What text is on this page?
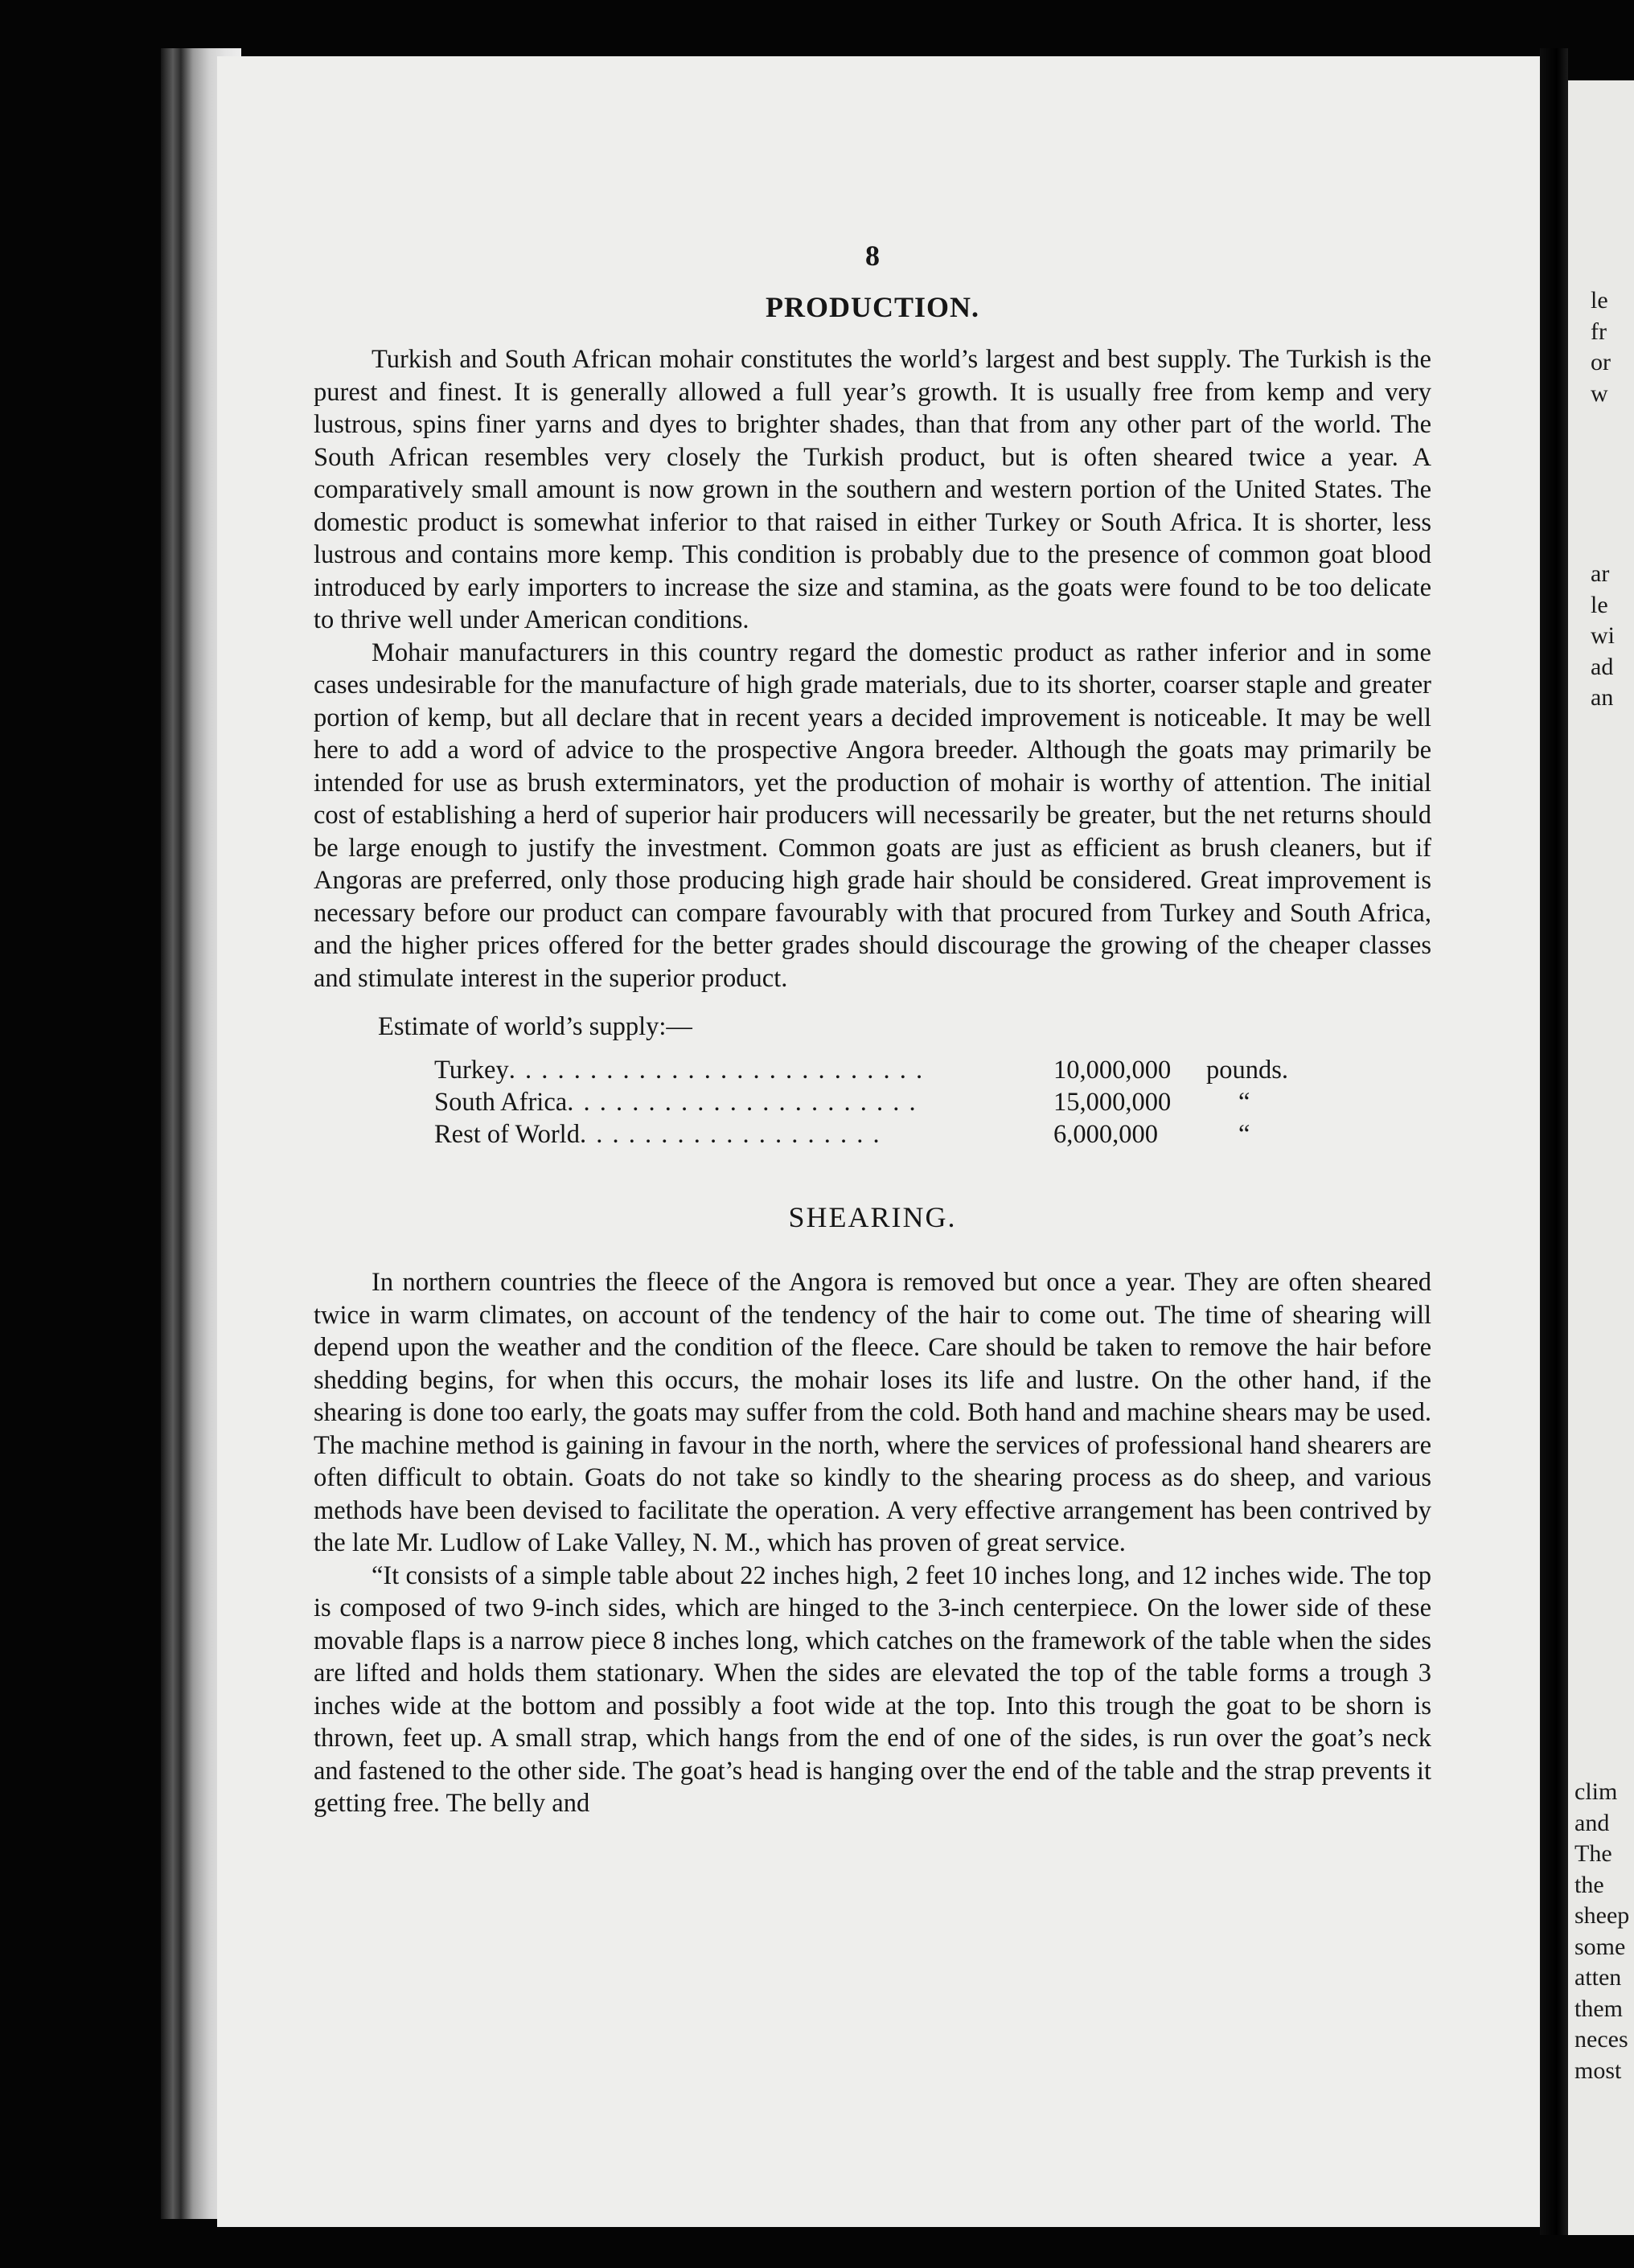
8
PRODUCTION.

Turkish and South African mohair constitutes the world’s largest and best supply. The Turkish is the purest and finest. It is generally allowed a full year’s growth. It is usually free from kemp and very lustrous, spins finer yarns and dyes to brighter shades, than that from any other part of the world. The South African resembles very closely the Turkish product, but is often sheared twice a year. A comparatively small amount is now grown in the southern and western portion of the United States. The domestic product is somewhat inferior to that raised in either Turkey or South Africa. It is shorter, less lustrous and contains more kemp. This condition is probably due to the presence of common goat blood introduced by early importers to increase the size and stamina, as the goats were found to be too delicate to thrive well under American conditions.

Mohair manufacturers in this country regard the domestic product as rather inferior and in some cases undesirable for the manufacture of high grade materials, due to its shorter, coarser staple and greater portion of kemp, but all declare that in recent years a decided improvement is noticeable. It may be well here to add a word of advice to the prospective Angora breeder. Although the goats may primarily be intended for use as brush exterminators, yet the production of mohair is worthy of attention. The initial cost of establishing a herd of superior hair producers will necessarily be greater, but the net returns should be large enough to justify the investment. Common goats are just as efficient as brush cleaners, but if Angoras are preferred, only those producing high grade hair should be considered. Great improvement is necessary before our product can compare favourably with that procured from Turkey and South Africa, and the higher prices offered for the better grades should discourage the growing of the cheaper classes and stimulate interest in the superior product.

Estimate of world’s supply:—
Turkey. . . . . . . . . . . . . . . . . . . . . . . . . .	10,000,000	pounds.
South Africa. . . . . . . . . . . . . . . . . . . . . .	15,000,000	“
Rest of World. . . . . . . . . . . . . . . . . . .	6,000,000	“
SHEARING.

In northern countries the fleece of the Angora is removed but once a year. They are often sheared twice in warm climates, on account of the tendency of the hair to come out. The time of shearing will depend upon the weather and the condition of the fleece. Care should be taken to remove the hair before shedding begins, for when this occurs, the mohair loses its life and lustre. On the other hand, if the shearing is done too early, the goats may suffer from the cold. Both hand and machine shears may be used. The machine method is gaining in favour in the north, where the services of professional hand shearers are often difficult to obtain. Goats do not take so kindly to the shearing process as do sheep, and various methods have been devised to facilitate the operation. A very effective arrangement has been contrived by the late Mr. Ludlow of Lake Valley, N. M., which has proven of great service.

“It consists of a simple table about 22 inches high, 2 feet 10 inches long, and 12 inches wide. The top is composed of two 9-inch sides, which are hinged to the 3-inch centerpiece. On the lower side of these movable flaps is a narrow piece 8 inches long, which catches on the framework of the table when the sides are lifted and holds them stationary. When the sides are elevated the top of the table forms a trough 3 inches wide at the bottom and possibly a foot wide at the top. Into this trough the goat to be shorn is thrown, feet up. A small strap, which hangs from the end of one of the sides, is run over the goat’s neck and fastened to the other side. The goat’s head is hanging over the end of the table and the strap prevents it getting free. The belly and

le
fr
or
w
ar
le
wi
ad
an
clim
and
The
the
sheep
some
atten
them
neces
most
